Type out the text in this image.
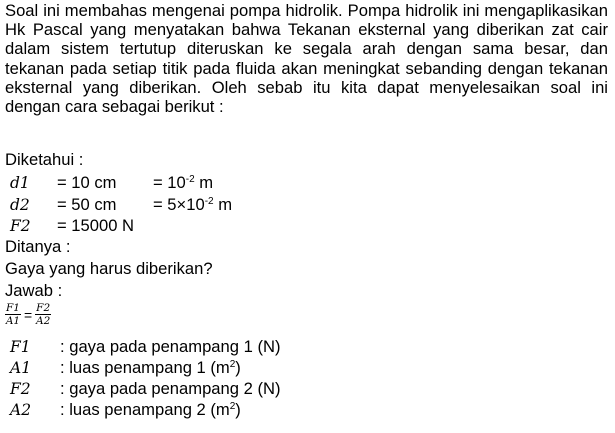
Soal ini membahas mengenai pompa hidrolik. Pompa hidrolik ini mengaplikasikan Hk Pascal yang menyatakan bahwa Tekanan eksternal yang diberikan zat cair dalam sistem tertutup diteruskan ke segala arah dengan sama besar, dan tekanan pada setiap titik pada fluida akan meningkat sebanding dengan tekanan eksternal yang diberikan. Oleh sebab itu kita dapat menyelesaikan soal ini dengan cara sebagai berikut :

Diketahui :
d1 = 10 cm = $10^{-2}$ m
d2 = 50 cm = $5\times 10^{-2}$ m
F2 = 15000 N
Ditanya :
Gaya yang harus diberikan?
Jawab :
$\frac{F1}{A1} = \frac{F2}{A2}$
F1 : gaya pada penampang 1 (N)
A1 : luas penampang 1 $(m^2)$
F2 : gaya pada penampang 2 (N)
A2 : luas penampang 2 $(m^2)$
